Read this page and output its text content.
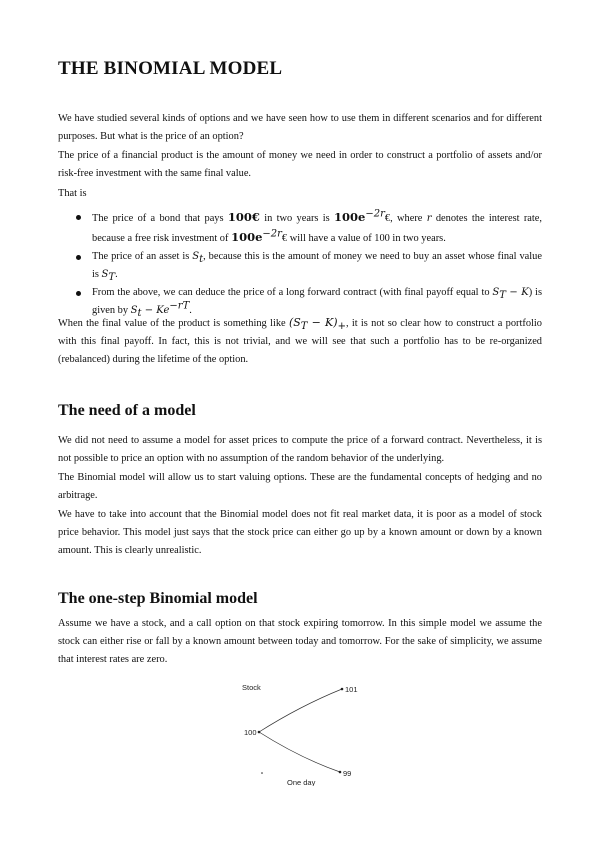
THE BINOMIAL MODEL

We have studied several kinds of options and we have seen how to use them in different scenarios and for different purposes. But what is the price of an option?

The price of a financial product is the amount of money we need in order to construct a portfolio of assets and/or risk-free investment with the same final value.

That is

The price of a bond that pays 100€ in two years is $100e^{-2r}€$, where r denotes the interest rate, because a free risk investment of $100e^{-2r}€$ will have a value of 100 in two years.
The price of an asset is $S_t$, because this is the amount of money we need to buy an asset whose final value is $S_T$.
From the above, we can deduce the price of a long forward contract (with final payoff equal to $S_T - K$) is given by $S_t - Ke^{-rT}$.

When the final value of the product is something like $(S_T - K)_+$, it is not so clear how to construct a portfolio with this final payoff. In fact, this is not trivial, and we will see that such a portfolio has to be re-organized (rebalanced) during the lifetime of the option.

The need of a model

We did not need to assume a model for asset prices to compute the price of a forward contract. Nevertheless, it is not possible to price an option with no assumption of the random behavior of the underlying.

The Binomial model will allow us to start valuing options. These are the fundamental concepts of hedging and no arbitrage.

We have to take into account that the Binomial model does not fit real market data, it is poor as a model of stock price behavior. This model just says that the stock price can either go up by a known amount or down by a known amount. This is clearly unrealistic.

The one-step Binomial model

Assume we have a stock, and a call option on that stock expiring tomorrow. In this simple model we assume the stock can either rise or fall by a known amount between today and tomorrow. For the sake of simplicity, we assume that interest rates are zero.

Stock
100
101
99
One day
